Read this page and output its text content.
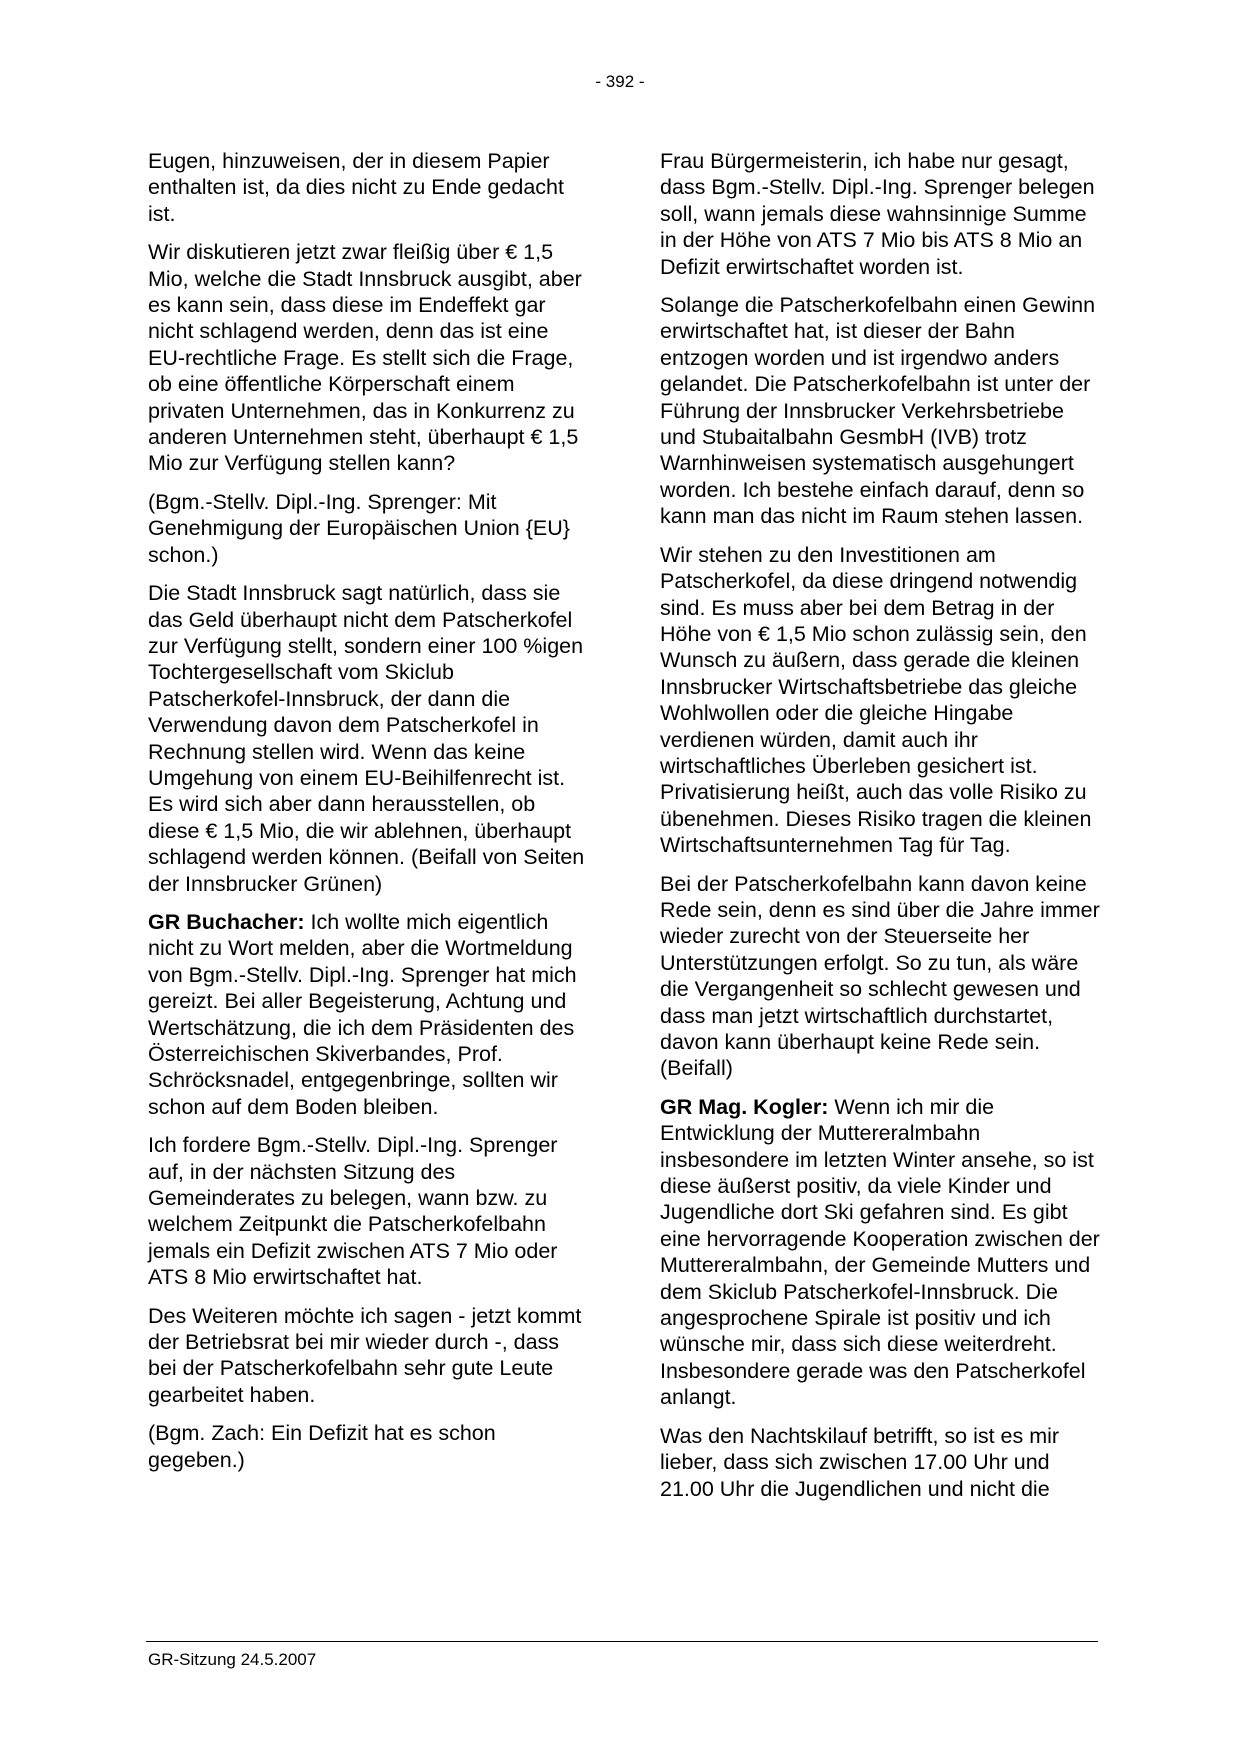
- 392 -

Eugen, hinzuweisen, der in diesem Papier enthalten ist, da dies nicht zu Ende gedacht ist.

Wir diskutieren jetzt zwar fleißig über € 1,5 Mio, welche die Stadt Innsbruck ausgibt, aber es kann sein, dass diese im Endeffekt gar nicht schlagend werden, denn das ist eine EU-rechtliche Frage. Es stellt sich die Frage, ob eine öffentliche Körperschaft einem privaten Unternehmen, das in Konkurrenz zu anderen Unternehmen steht, überhaupt € 1,5 Mio zur Verfügung stellen kann?

(Bgm.-Stellv. Dipl.-Ing. Sprenger: Mit Genehmigung der Europäischen Union {EU} schon.)

Die Stadt Innsbruck sagt natürlich, dass sie das Geld überhaupt nicht dem Patscherkofel zur Verfügung stellt, sondern einer 100 %igen Tochtergesellschaft vom Skiclub Patscherkofel-Innsbruck, der dann die Verwendung davon dem Patscherkofel in Rechnung stellen wird. Wenn das keine Umgehung von einem EU-Beihilfenrecht ist. Es wird sich aber dann herausstellen, ob diese € 1,5 Mio, die wir ablehnen, überhaupt schlagend werden können. (Beifall von Seiten der Innsbrucker Grünen)

GR Buchacher: Ich wollte mich eigentlich nicht zu Wort melden, aber die Wortmeldung von Bgm.-Stellv. Dipl.-Ing. Sprenger hat mich gereizt. Bei aller Begeisterung, Achtung und Wertschätzung, die ich dem Präsidenten des Österreichischen Skiverbandes, Prof. Schröcksnadel, entgegenbringe, sollten wir schon auf dem Boden bleiben.

Ich fordere Bgm.-Stellv. Dipl.-Ing. Sprenger auf, in der nächsten Sitzung des Gemeinderates zu belegen, wann bzw. zu welchem Zeitpunkt die Patscherkofelbahn jemals ein Defizit zwischen ATS 7 Mio oder ATS 8 Mio erwirtschaftet hat.

Des Weiteren möchte ich sagen - jetzt kommt der Betriebsrat bei mir wieder durch -, dass bei der Patscherkofelbahn sehr gute Leute gearbeitet haben.

(Bgm. Zach: Ein Defizit hat es schon gegeben.)

Frau Bürgermeisterin, ich habe nur gesagt, dass Bgm.-Stellv. Dipl.-Ing. Sprenger belegen soll, wann jemals diese wahnsinnige Summe in der Höhe von ATS 7 Mio bis ATS 8 Mio an Defizit erwirtschaftet worden ist.

Solange die Patscherkofelbahn einen Gewinn erwirtschaftet hat, ist dieser der Bahn entzogen worden und ist irgendwo anders gelandet. Die Patscherkofelbahn ist unter der Führung der Innsbrucker Verkehrsbetriebe und Stubaitalbahn GesmbH (IVB) trotz Warnhinweisen systematisch ausgehungert worden. Ich bestehe einfach darauf, denn so kann man das nicht im Raum stehen lassen.

Wir stehen zu den Investitionen am Patscherkofel, da diese dringend notwendig sind. Es muss aber bei dem Betrag in der Höhe von € 1,5 Mio schon zulässig sein, den Wunsch zu äußern, dass gerade die kleinen Innsbrucker Wirtschaftsbetriebe das gleiche Wohlwollen oder die gleiche Hingabe verdienen würden, damit auch ihr wirtschaftliches Überleben gesichert ist. Privatisierung heißt, auch das volle Risiko zu übenehmen. Dieses Risiko tragen die kleinen Wirtschaftsunternehmen Tag für Tag.

Bei der Patscherkofelbahn kann davon keine Rede sein, denn es sind über die Jahre immer wieder zurecht von der Steuerseite her Unterstützungen erfolgt. So zu tun, als wäre die Vergangenheit so schlecht gewesen und dass man jetzt wirtschaftlich durchstartet, davon kann überhaupt keine Rede sein. (Beifall)

GR Mag. Kogler: Wenn ich mir die Entwicklung der Muttereralmbahn insbesondere im letzten Winter ansehe, so ist diese äußerst positiv, da viele Kinder und Jugendliche dort Ski gefahren sind. Es gibt eine hervorragende Kooperation zwischen der Muttereralmbahn, der Gemeinde Mutters und dem Skiclub Patscherkofel-Innsbruck. Die angesprochene Spirale ist positiv und ich wünsche mir, dass sich diese weiterdreht. Insbesondere gerade was den Patscherkofel anlangt.

Was den Nachtskilauf betrifft, so ist es mir lieber, dass sich zwischen 17.00 Uhr und 21.00 Uhr die Jugendlichen und nicht die

GR-Sitzung 24.5.2007
